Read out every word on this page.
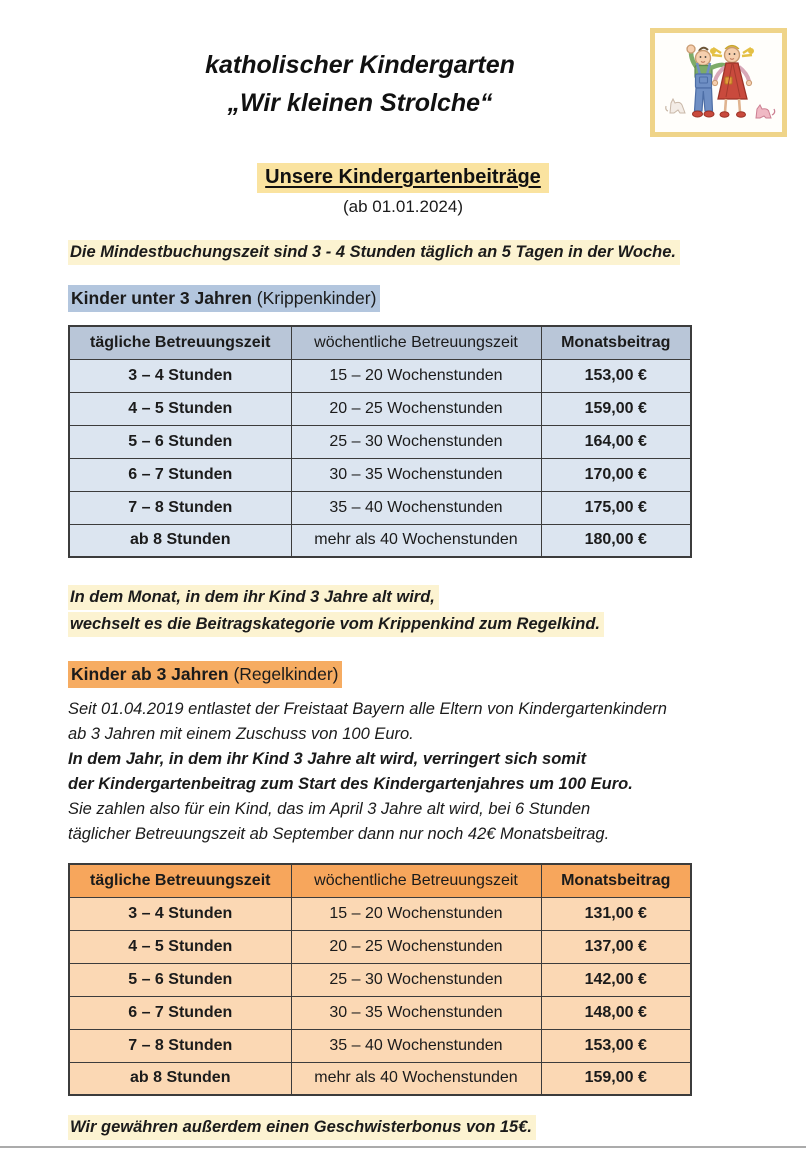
katholischer Kindergarten
„Wir kleinen Strolche“
Unsere Kindergartenbeiträge
(ab 01.01.2024)
Die Mindestbuchungszeit sind 3 - 4 Stunden täglich an 5 Tagen in der Woche.
Kinder unter 3 Jahren (Krippenkinder)
tägliche Betreuungszeit	wöchentliche Betreuungszeit	Monatsbeitrag
3 – 4 Stunden	15 – 20 Wochenstunden	153,00 €
4 – 5 Stunden	20 – 25 Wochenstunden	159,00 €
5 – 6 Stunden	25 – 30 Wochenstunden	164,00 €
6 – 7 Stunden	30 – 35 Wochenstunden	170,00 €
7 – 8 Stunden	35 – 40 Wochenstunden	175,00 €
ab 8 Stunden	mehr als 40 Wochenstunden	180,00 €
In dem Monat, in dem ihr Kind 3 Jahre alt wird,
wechselt es die Beitragskategorie vom Krippenkind zum Regelkind.
Kinder ab 3 Jahren (Regelkinder)
Seit 01.04.2019 entlastet der Freistaat Bayern alle Eltern von Kindergartenkindern
ab 3 Jahren mit einem Zuschuss von 100 Euro.
In dem Jahr, in dem ihr Kind 3 Jahre alt wird, verringert sich somit
der Kindergartenbeitrag zum Start des Kindergartenjahres um 100 Euro.
Sie zahlen also für ein Kind, das im April 3 Jahre alt wird, bei 6 Stunden
täglicher Betreuungszeit ab September dann nur noch 42€ Monatsbeitrag.
tägliche Betreuungszeit	wöchentliche Betreuungszeit	Monatsbeitrag
3 – 4 Stunden	15 – 20 Wochenstunden	131,00 €
4 – 5 Stunden	20 – 25 Wochenstunden	137,00 €
5 – 6 Stunden	25 – 30 Wochenstunden	142,00 €
6 – 7 Stunden	30 – 35 Wochenstunden	148,00 €
7 – 8 Stunden	35 – 40 Wochenstunden	153,00 €
ab 8 Stunden	mehr als 40 Wochenstunden	159,00 €
Wir gewähren außerdem einen Geschwisterbonus von 15€.
